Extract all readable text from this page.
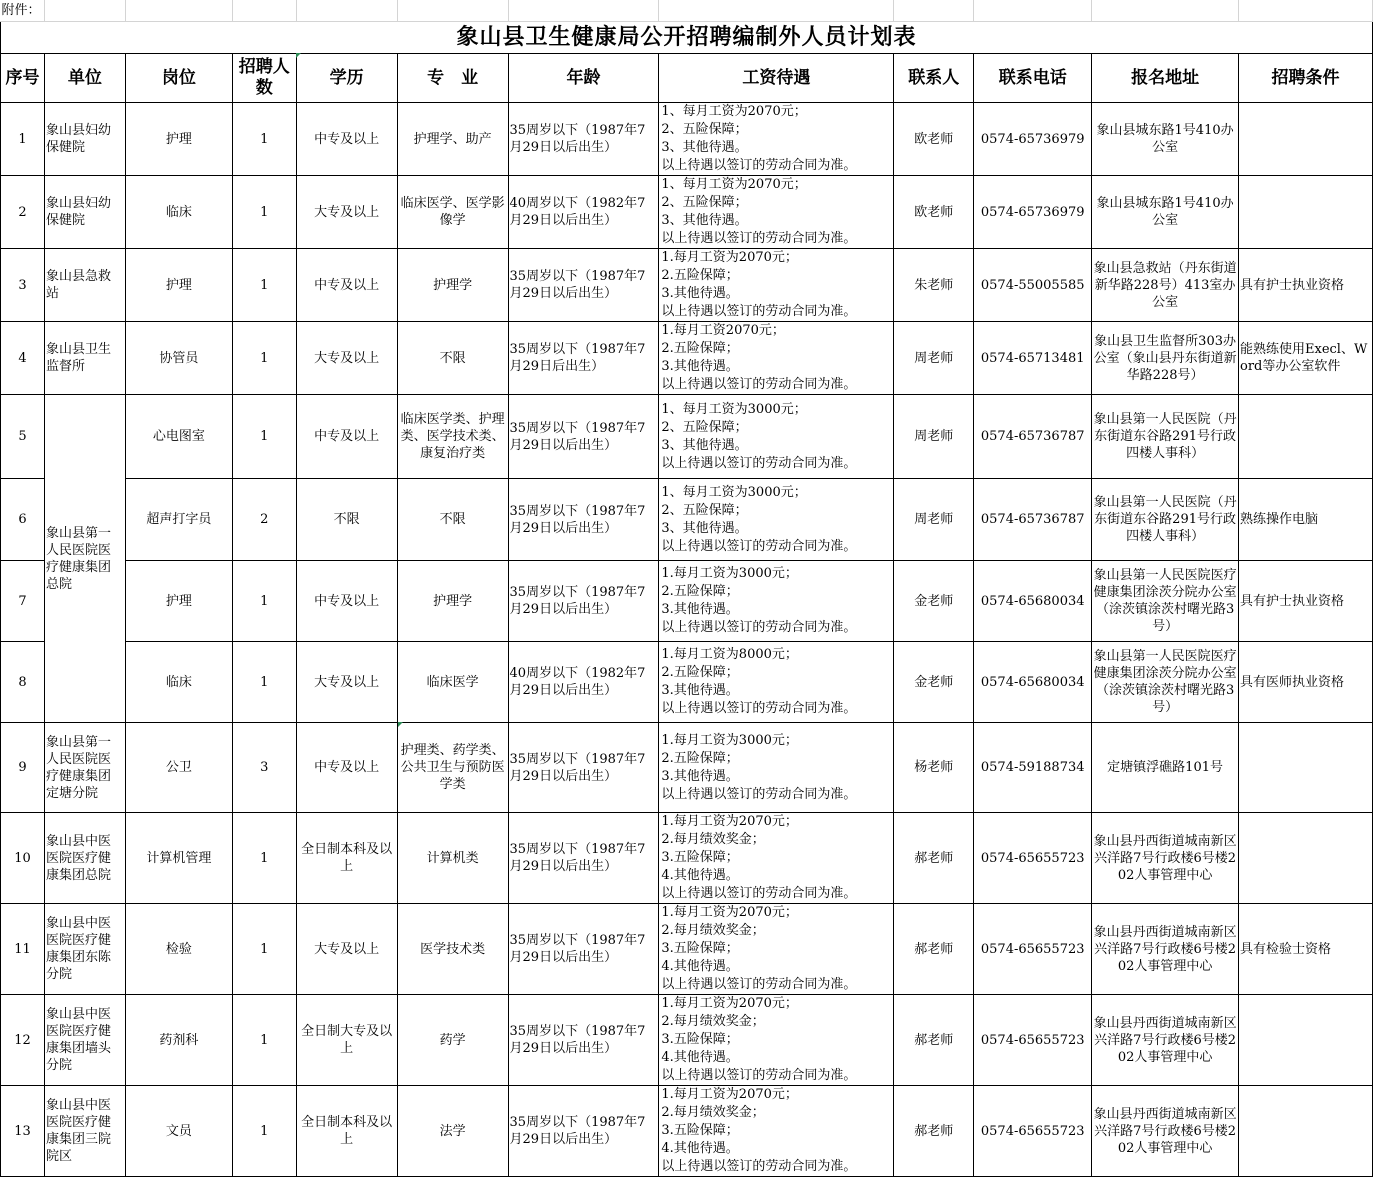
附件：											
象山县卫生健康局公开招聘编制外人员计划表											
序号	单位	岗位	招聘人数	学历	专　业	年龄	工资待遇	联系人	联系电话	报名地址	招聘条件
1	象山县妇幼保健院	护理	1	中专及以上	护理学、助产	35周岁以下（1987年7月29日以后出生）	1、每月工资为2070元；
2、五险保障；
3、其他待遇。
以上待遇以签订的劳动合同为准。	欧老师	0574-65736979	象山县城东路1号410办公室	
2	象山县妇幼保健院	临床	1	大专及以上	临床医学、医学影像学	40周岁以下（1982年7月29日以后出生）	1、每月工资为2070元；
2、五险保障；
3、其他待遇。
以上待遇以签订的劳动合同为准。	欧老师	0574-65736979	象山县城东路1号410办公室	
3	象山县急救站	护理	1	中专及以上	护理学	35周岁以下（1987年7月29日以后出生）	1.每月工资为2070元；
2.五险保障；
3.其他待遇。
以上待遇以签订的劳动合同为准。	朱老师	0574-55005585	象山县急救站（丹东街道新华路228号）413室办公室	具有护士执业资格
4	象山县卫生监督所	协管员	1	大专及以上	不限	35周岁以下（1987年7月29日后出生）	1.每月工资2070元；
2.五险保障；
3.其他待遇。
以上待遇以签订的劳动合同为准。	周老师	0574-65713481	象山县卫生监督所303办公室（象山县丹东街道新华路228号）	能熟练使用Execl、Word等办公室软件
5	象山县第一人民医院医疗健康集团总院	心电图室	1	中专及以上	临床医学类、护理类、医学技术类、康复治疗类	35周岁以下（1987年7月29日以后出生）	1、每月工资为3000元；
2、五险保障；
3、其他待遇。
以上待遇以签订的劳动合同为准。	周老师	0574-65736787	象山县第一人民医院（丹东街道东谷路291号行政四楼人事科）	
6		超声打字员	2	不限	不限	35周岁以下（1987年7月29日以后出生）	1、每月工资为3000元；
2、五险保障；
3、其他待遇。
以上待遇以签订的劳动合同为准。	周老师	0574-65736787	象山县第一人民医院（丹东街道东谷路291号行政四楼人事科）	熟练操作电脑
7		护理	1	中专及以上	护理学	35周岁以下（1987年7月29日以后出生）	1.每月工资为3000元；
2.五险保障；
3.其他待遇。
以上待遇以签订的劳动合同为准。	金老师	0574-65680034	象山县第一人民医院医疗健康集团涂茨分院办公室（涂茨镇涂茨村曙光路3号）	具有护士执业资格
8		临床	1	大专及以上	临床医学	40周岁以下（1982年7月29日以后出生）	1.每月工资为8000元；
2.五险保障；
3.其他待遇。
以上待遇以签订的劳动合同为准。	金老师	0574-65680034	象山县第一人民医院医疗健康集团涂茨分院办公室（涂茨镇涂茨村曙光路3号）	具有医师执业资格
9	象山县第一人民医院医疗健康集团定塘分院	公卫	3	中专及以上	护理类、药学类、公共卫生与预防医学类	35周岁以下（1987年7月29日以后出生）	1.每月工资为3000元；
2.五险保障；
3.其他待遇。
以上待遇以签订的劳动合同为准。	杨老师	0574-59188734	定塘镇浮礁路101号	
10	象山县中医医院医疗健康集团总院	计算机管理	1	全日制本科及以上	计算机类	35周岁以下（1987年7月29日以后出生）	1.每月工资为2070元；
2.每月绩效奖金；
3.五险保障；
4.其他待遇。
以上待遇以签订的劳动合同为准。	郝老师	0574-65655723	象山县丹西街道城南新区兴洋路7号行政楼6号楼202人事管理中心	
11	象山县中医医院医疗健康集团东陈分院	检验	1	大专及以上	医学技术类	35周岁以下（1987年7月29日以后出生）	1.每月工资为2070元；
2.每月绩效奖金；
3.五险保障；
4.其他待遇。
以上待遇以签订的劳动合同为准。	郝老师	0574-65655723	象山县丹西街道城南新区兴洋路7号行政楼6号楼202人事管理中心	具有检验士资格
12	象山县中医医院医疗健康集团墙头分院	药剂科	1	全日制大专及以上	药学	35周岁以下（1987年7月29日以后出生）	1.每月工资为2070元；
2.每月绩效奖金；
3.五险保障；
4.其他待遇。
以上待遇以签订的劳动合同为准。	郝老师	0574-65655723	象山县丹西街道城南新区兴洋路7号行政楼6号楼202人事管理中心	
13	象山县中医医院医疗健康集团三院院区	文员	1	全日制本科及以上	法学	35周岁以下（1987年7月29日以后出生）	1.每月工资为2070元；
2.每月绩效奖金；
3.五险保障；
4.其他待遇。
以上待遇以签订的劳动合同为准。	郝老师	0574-65655723	象山县丹西街道城南新区兴洋路7号行政楼6号楼202人事管理中心	
